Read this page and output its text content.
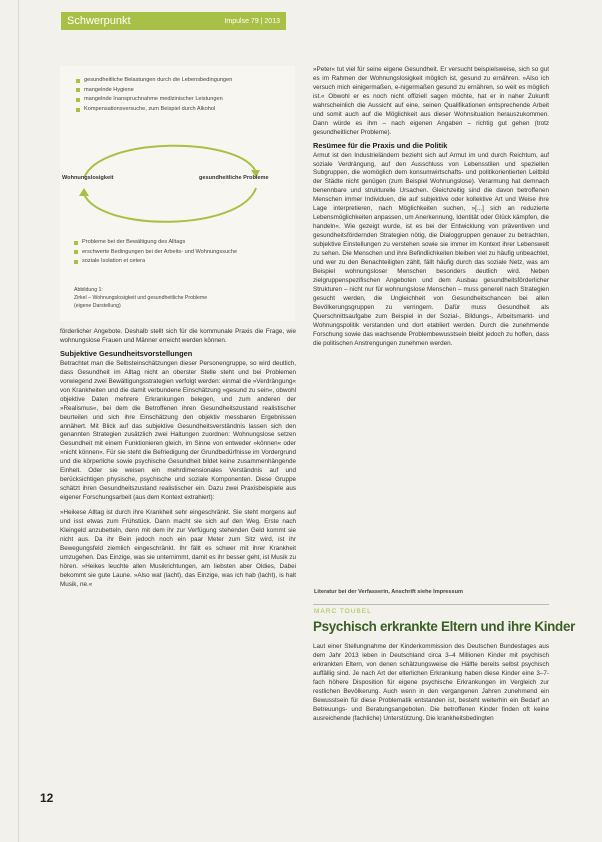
Schwerpunkt	Impulse 79 | 2013
gesundheitliche Belastungen durch die Lebensbedingungen
mangelnde Hygiene
mangelnde Inanspruchnahme medizinischer Leistungen
Kompensationsversuche, zum Beispiel durch Alkohol
Wohnungslosigkeit	gesundheitliche Probleme
Probleme bei der Bewältigung des Alltags
erschwerte Bedingungen bei der Arbeits- und Wohnungssuche
soziale Isolation et cetera
Abbildung 1:
Zirkel – Wohnungslosigkeit und gesundheitliche Probleme
(eigene Darstellung)

förderlicher Angebote. Deshalb stellt sich für die kommunale Praxis die Frage, wie wohnungslose Frauen und Männer erreicht werden können.

Subjektive Gesundheitsvorstellungen

Betrachtet man die Selbsteinschätzungen dieser Personengruppe, so wird deutlich, dass Gesundheit im Alltag nicht an oberster Stelle steht und bei Problemen vorwiegend zwei Bewältigungsstrategien verfolgt werden: einmal die »Verdrängung« von Krankheiten und die damit verbundene Einschätzung »gesund zu sein«, obwohl objektive Daten mehrere Erkrankungen belegen, und zum anderen der »Realismus«, bei dem die Betroffenen ihren Gesundheitszustand realistischer beurteilen und sich ihre Einschätzung den objektiv messbaren Ergebnissen annähert. Mit Blick auf das subjektive Gesundheitsverständnis lassen sich den genannten Strategien zusätzlich zwei Haltungen zuordnen: Wohnungslose setzen Gesundheit mit einem Funktionieren gleich, im Sinne von entweder »können« oder »nicht können«. Für sie steht die Befriedigung der Grundbedürfnisse im Vordergrund und die körperliche sowie psychische Gesundheit bildet keine zusammenhängende Einheit. Oder sie weisen ein mehrdimensionales Verständnis auf und berücksichtigen physische, psychische und soziale Komponenten. Diese Gruppe schätzt ihren Gesundheitszustand realistischer ein. Dazu zwei Praxisbeispiele aus eigener Forschungsarbeit (aus dem Kontext extrahiert):

»Heikese Alltag ist durch ihre Krankheit sehr eingeschränkt. Sie steht morgens auf und isst etwas zum Frühstück. Dann macht sie sich auf den Weg. Erste nach Kleingeld anzubetteln, denn mit dem ihr zur Verfügung stehenden Geld kommt sie nicht aus. Da ihr Bein jedoch noch ein paar Meter zum Sitz wird, ist ihr Bewegungsfeld ziemlich eingeschränkt. Ihr fällt es schwer mit ihrer Krankheit umzugehen. Das Einzige, was sie unternimmt, damit es ihr besser geht, ist Musik zu hören. »Heikes leuchte allen Musikrichtungen, am liebsten aber Oldies, Dabei bekommt sie gute Laune. »Also wat (lacht), das Einzige, was ich hab (lacht), is halt Musik, ne.«

»Peter« tut viel für seine eigene Gesundheit. Er versucht beispielsweise, sich so gut es im Rahmen der Wohnungslosigkeit möglich ist, gesund zu ernähren. »Also ich versuch mich einigermaßen, e-nigermaßen gesund zu ernähren, so weit es möglich ist.« Obwohl er es noch nicht offiziell sagen möchte, hat er in naher Zukunft wahrscheinlich die Aussicht auf eine, seinen Qualifikationen entsprechende Arbeit und somit auch auf die Möglichkeit aus dieser Wohnsituation herauszukommen. Dann würde es ihm – nach eigenen Angaben – richtig gut gehen (trotz gesundheitlicher Probleme).

Resümee für die Praxis und die Politik

Armut ist den Industrieländern bezieht sich auf Armut im und durch Reichtum, auf soziale Verdrängung, auf den Ausschluss von Lebensstilen und speziellen Subgruppen, die womöglich dem konsumwirtschafts- und politikorientierten Leitbild der Städte nicht genügen (zum Beispiel Wohnungslose). Verarmung hat demnach benennbare und strukturelle Ursachen. Gleichzeitig sind die davon betroffenen Menschen immer Individuen, die auf subjektive oder kollektive Art und Weise ihre Lage interpretieren, nach Möglichkeiten suchen, »[...] sich an reduzierte Lebensmöglichkeiten anpassen, um Anerkennung, Identität oder Glück kämpfen, die handeln«. Wie gezeigt wurde, ist es bei der Entwicklung von präventiven und gesundheitsfördernden Strategien nötig, die Dialoggruppen genauer zu betrachten, subjektive Einstellungen zu verstehen sowie sie immer im Kontext ihrer Lebenswelt zu sehen. Die Menschen und ihre Befindlichkeiten bleiben viel zu häufig unbeachtet, und wer zu den Benachteiligten zählt, fällt häufig durch das soziale Netz, was am Beispiel wohnungsloser Menschen besonders deutlich wird. Neben zielgruppenspezifischen Angeboten und dem Ausbau gesundheitsförderlicher Strukturen – nicht nur für wohnungslose Menschen – muss generell nach Strategien gesucht werden, die Ungleichheit von Gesundheitschancen bei allen Bevölkerungsgruppen zu verringern. Dafür muss Gesundheit als Querschnittsaufgabe zum Beispiel in der Sozial-, Bildungs-, Arbeitsmarkt- und Wohnungspolitik verstanden und dort etabliert werden. Durch die zunehmende Forschung sowie das wachsende Problembewusstsein bleibt jedoch zu hoffen, dass die politischen Anstrengungen zunehmen werden.

Literatur bei der Verfasserin, Anschrift siehe Impressum
MARC TOUBEL
Psychisch erkrankte Eltern und ihre Kinder
Laut einer Stellungnahme der Kinderkommission des Deutschen Bundestages aus dem Jahr 2013 leben in Deutschland circa 3–4 Millionen Kinder mit psychisch erkrankten Eltern, von denen schätzungsweise die Hälfte bereits selbst psychisch auffällig sind. Je nach Art der elterlichen Erkrankung haben diese Kinder eine 3–7-fach höhere Disposition für eigene psychische Erkrankungen im Vergleich zur restlichen Bevölkerung. Auch wenn in den vergangenen Jahren zunehmend ein Bewusstsein für diese Problematik entstanden ist, besteht weiterhin ein Bedarf an Betreuungs- und Beratungsangeboten. Die betroffenen Kinder finden oft keine ausreichende (fachliche) Unterstützung. Die krankheitsbedingten
12
